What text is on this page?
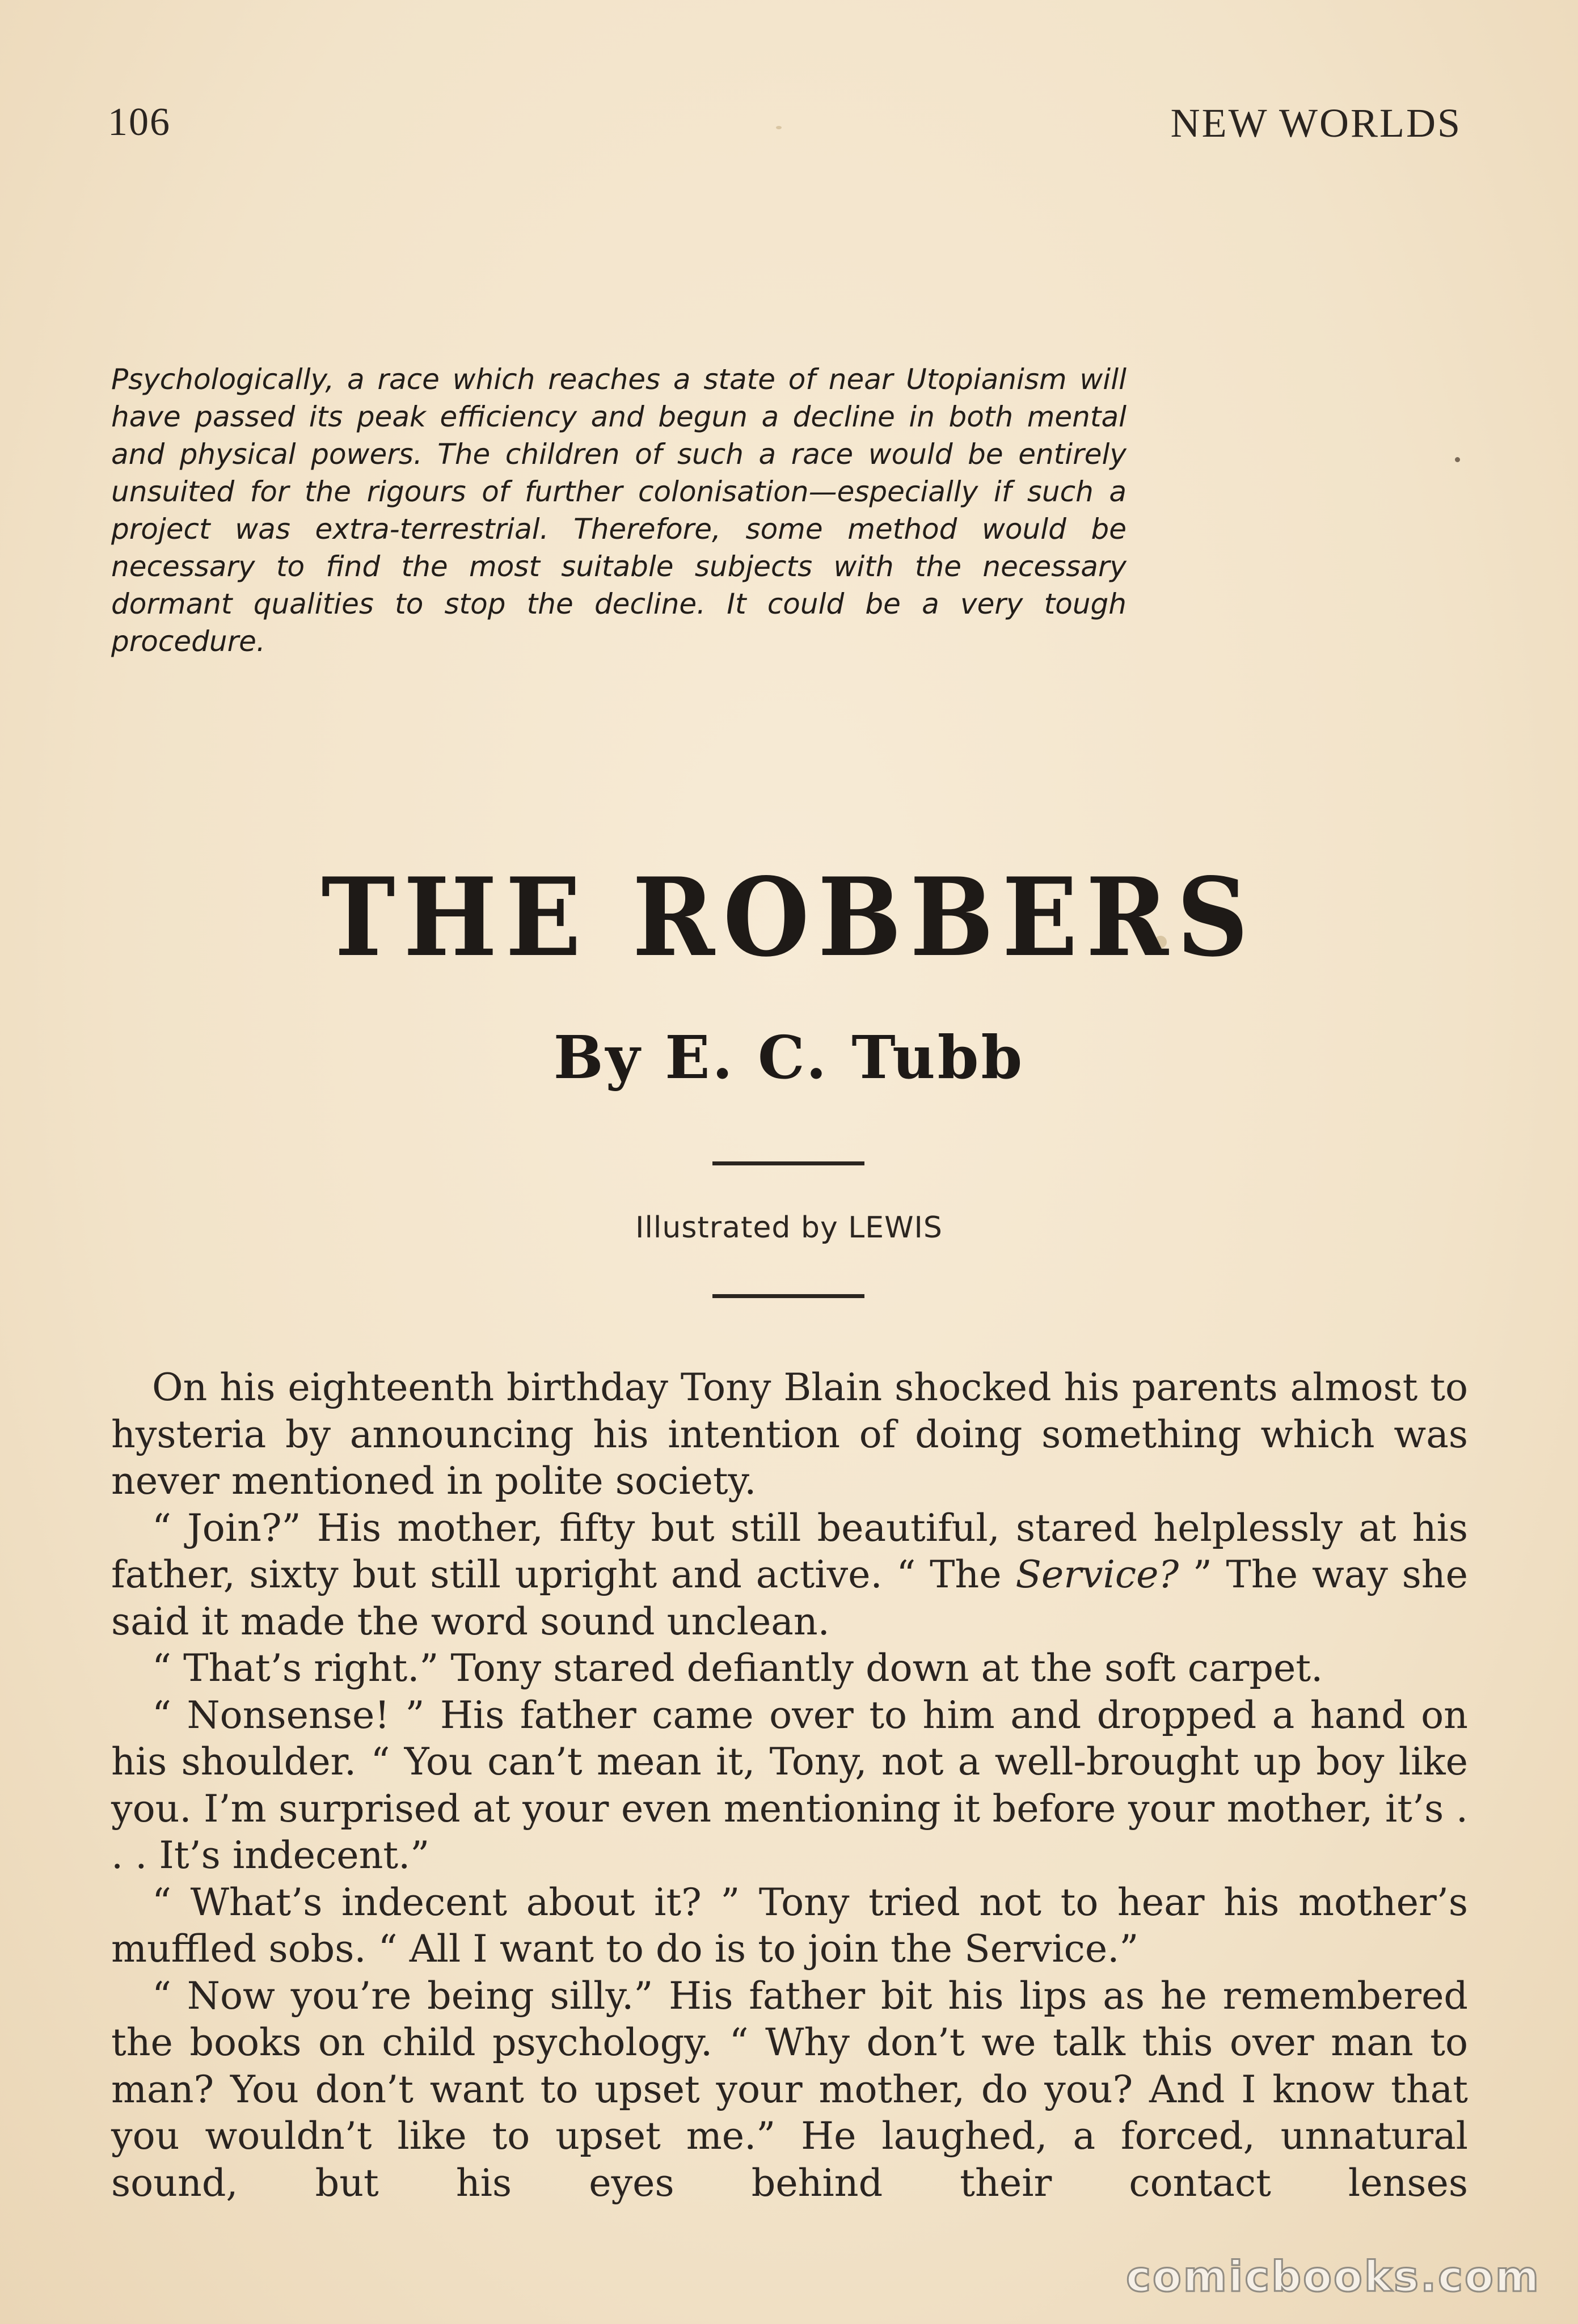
106	NEW WORLDS

Psychologically, a race which reaches a state of near Utopianism will have passed its peak efficiency and begun a decline in both mental and physical powers. The children of such a race would be entirely unsuited for the rigours of further colonisation—especially if such a project was extra-terrestrial. Therefore, some method would be necessary to find the most suitable subjects with the necessary dormant qualities to stop the decline. It could be a very tough procedure.

THE ROBBERS
By E. C. Tubb
Illustrated by LEWIS

On his eighteenth birthday Tony Blain shocked his parents almost to hysteria by announcing his intention of doing something which was never mentioned in polite society.

“ Join?” His mother, fifty but still beautiful, stared helplessly at his father, sixty but still upright and active. “ The Service? ” The way she said it made the word sound unclean.

“ That’s right.” Tony stared defiantly down at the soft carpet.

“ Nonsense! ” His father came over to him and dropped a hand on his shoulder. “ You can’t mean it, Tony, not a well-brought up boy like you. I’m surprised at your even mentioning it before your mother, it’s . . . It’s indecent.”

“ What’s indecent about it? ” Tony tried not to hear his mother’s muffled sobs. “ All I want to do is to join the Service.”

“ Now you’re being silly.” His father bit his lips as he remembered the books on child psychology. “ Why don’t we talk this over man to man? You don’t want to upset your mother, do you? And I know that you wouldn’t like to upset me.” He laughed, a forced, unnatural sound, but his eyes behind their contact lenses

comicbooks.com
